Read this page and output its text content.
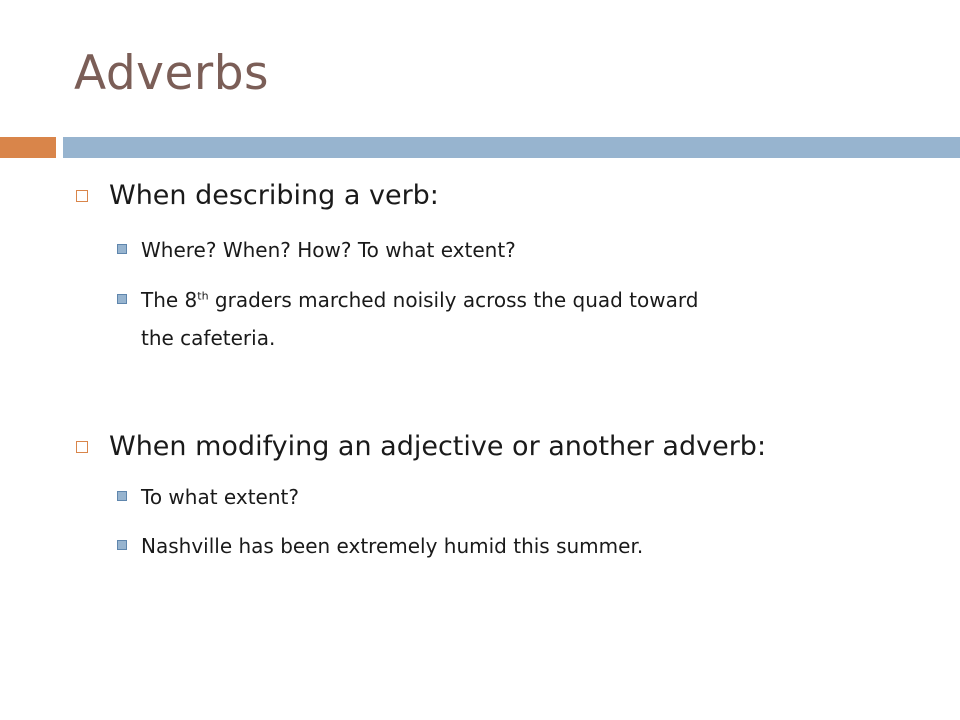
Adverbs
When describing a verb:
Where? When? How? To what extent?
The 8th graders marched noisily across the quad toward
the cafeteria.
When modifying an adjective or another adverb:
To what extent?
Nashville has been extremely humid this summer.
